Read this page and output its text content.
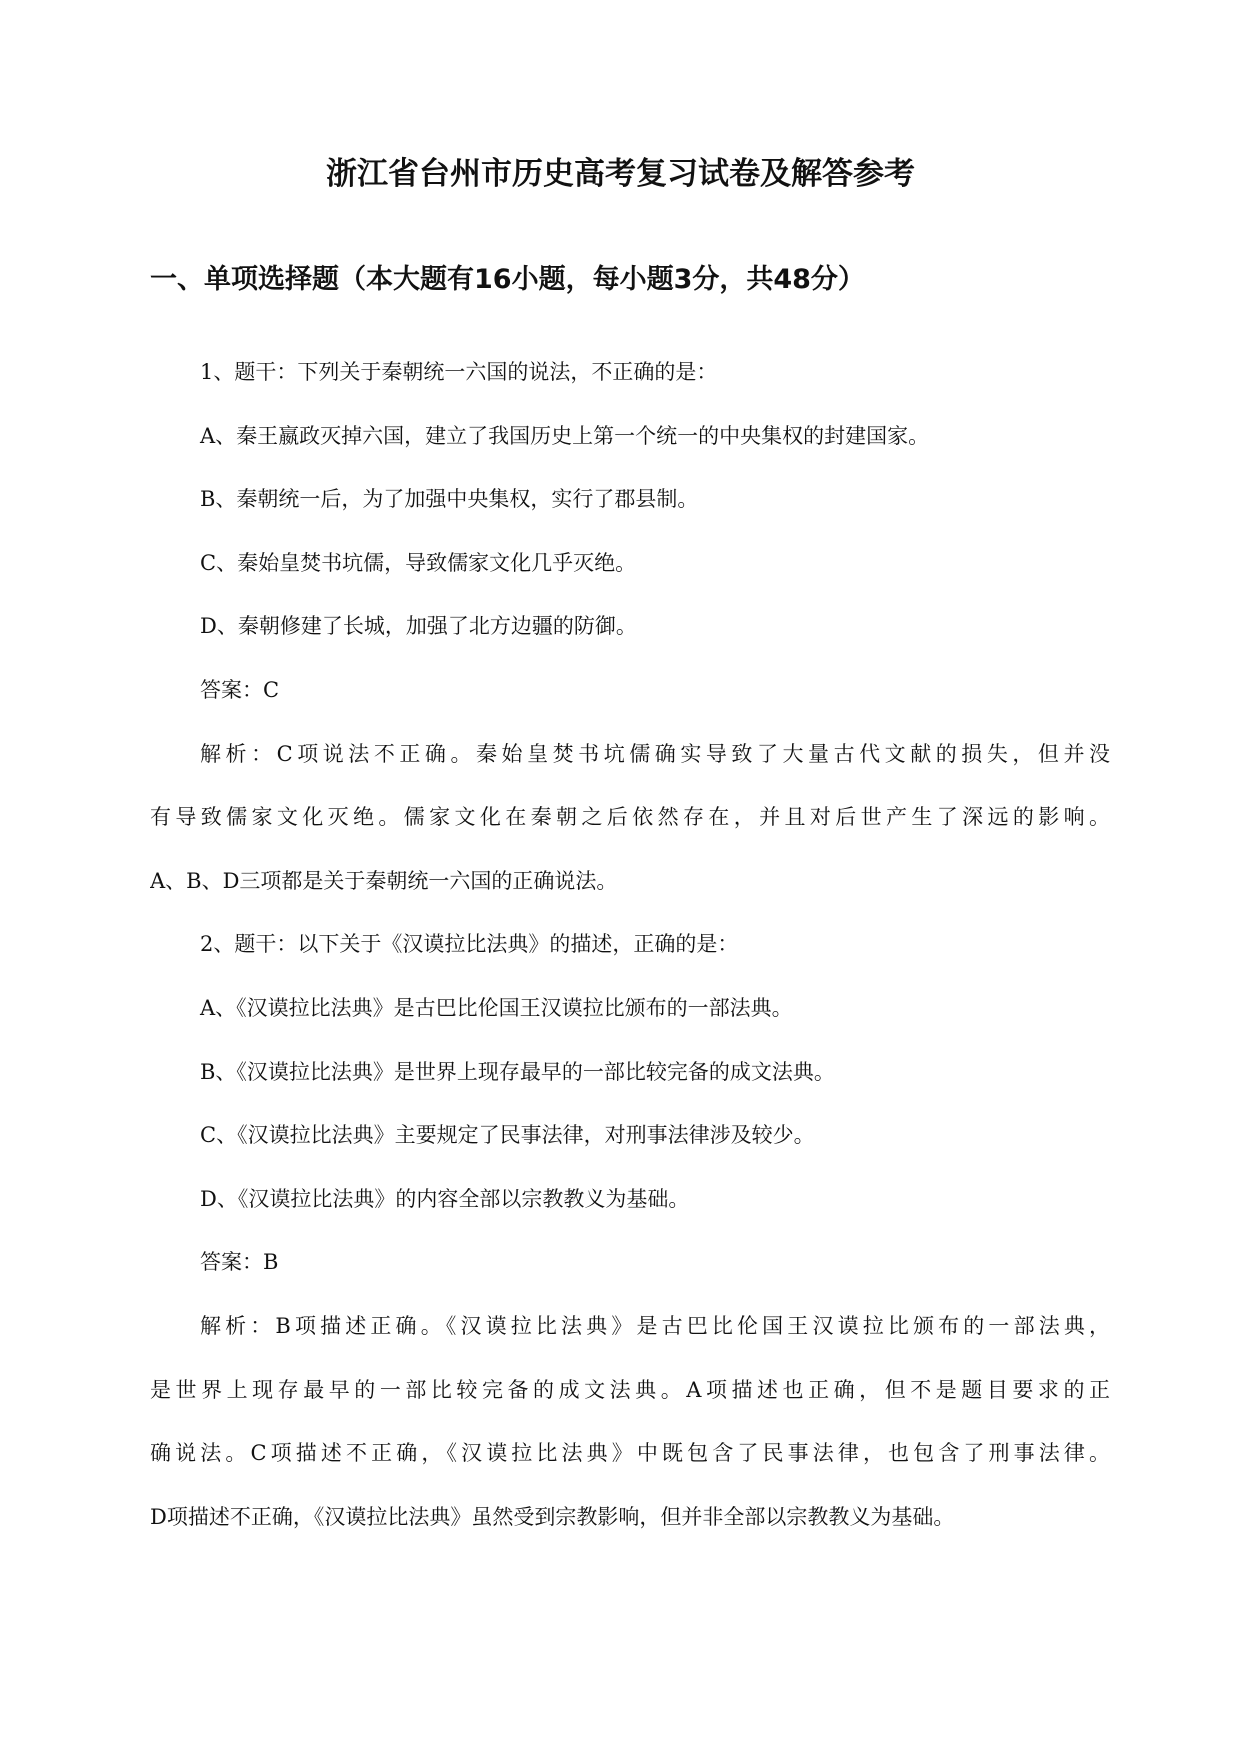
浙江省台州市历史高考复习试卷及解答参考
一、单项选择题（本大题有16小题，每小题3分，共48分）
1、题干：下列关于秦朝统一六国的说法，不正确的是：
A、秦王嬴政灭掉六国，建立了我国历史上第一个统一的中央集权的封建国家。
B、秦朝统一后，为了加强中央集权，实行了郡县制。
C、秦始皇焚书坑儒，导致儒家文化几乎灭绝。
D、秦朝修建了长城，加强了北方边疆的防御。
答案：C
解析：C项说法不正确。秦始皇焚书坑儒确实导致了大量古代文献的损失，但并没
有导致儒家文化灭绝。儒家文化在秦朝之后依然存在，并且对后世产生了深远的影响。
A、B、D三项都是关于秦朝统一六国的正确说法。
2、题干：以下关于《汉谟拉比法典》的描述，正确的是：
A、《汉谟拉比法典》是古巴比伦国王汉谟拉比颁布的一部法典。
B、《汉谟拉比法典》是世界上现存最早的一部比较完备的成文法典。
C、《汉谟拉比法典》主要规定了民事法律，对刑事法律涉及较少。
D、《汉谟拉比法典》的内容全部以宗教教义为基础。
答案：B
解析：B项描述正确。《汉谟拉比法典》是古巴比伦国王汉谟拉比颁布的一部法典，
是世界上现存最早的一部比较完备的成文法典。A项描述也正确，但不是题目要求的正
确说法。C项描述不正确，《汉谟拉比法典》中既包含了民事法律，也包含了刑事法律。
D项描述不正确，《汉谟拉比法典》虽然受到宗教影响，但并非全部以宗教教义为基础。
